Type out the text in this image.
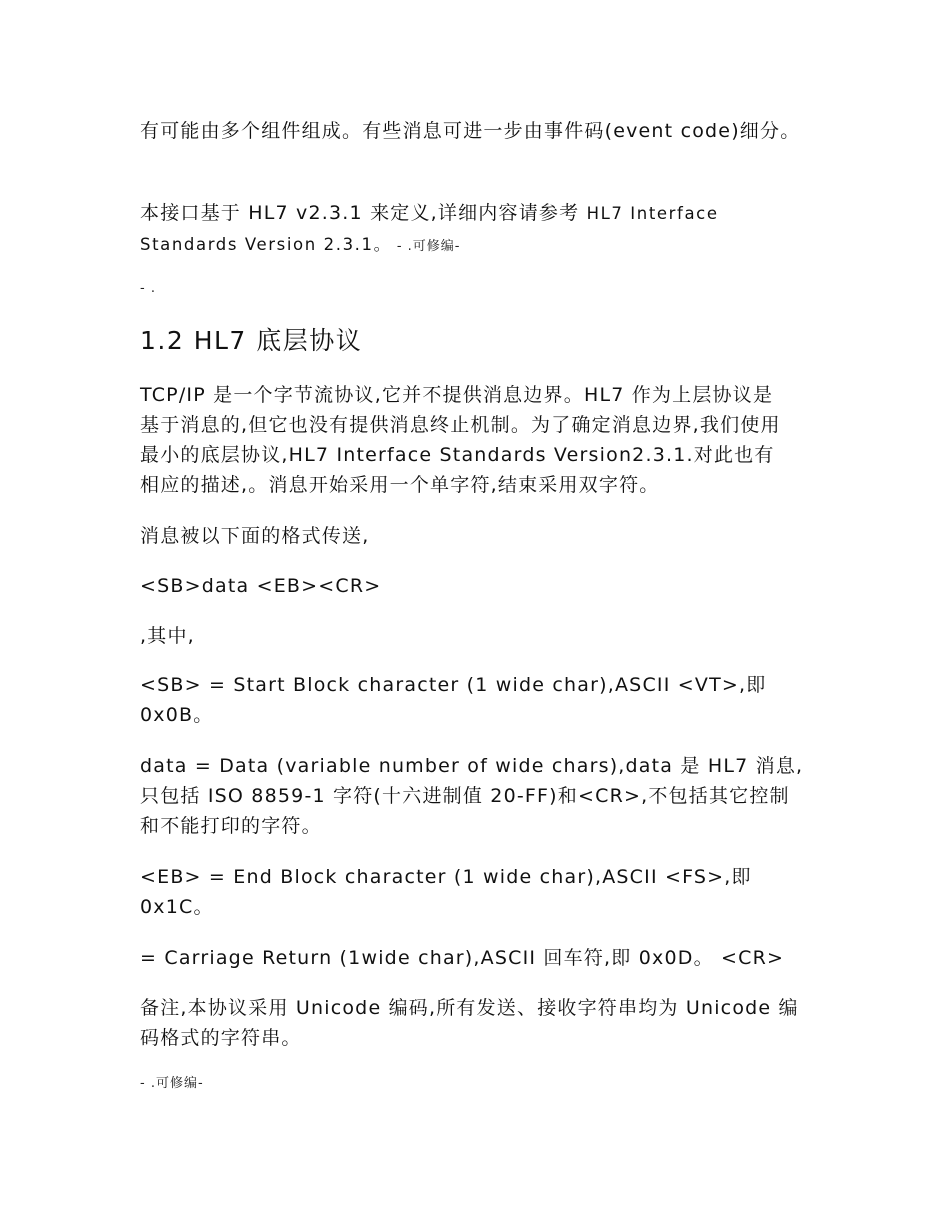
有可能由多个组件组成。有些消息可进一步由事件码(event code)细分。
本接口基于 HL7 v2.3.1 来定义,详细内容请参考 HL7 Interface
Standards Version 2.3.1。 - .可修编-
- .
1.2 HL7 底层协议
TCP/IP 是一个字节流协议,它并不提供消息边界。HL7 作为上层协议是
基于消息的,但它也没有提供消息终止机制。为了确定消息边界,我们使用
最小的底层协议,HL7 Interface Standards Version2.3.1.对此也有
相应的描述,。消息开始采用一个单字符,结束采用双字符。
消息被以下面的格式传送,
<SB>data <EB><CR>
,其中,
<SB> = Start Block character (1 wide char),ASCII <VT>,即
0x0B。
data = Data (variable number of wide chars),data 是 HL7 消息,
只包括 ISO 8859-1 字符(十六进制值 20-FF)和<CR>,不包括其它控制
和不能打印的字符。
<EB> = End Block character (1 wide char),ASCII <FS>,即
0x1C。
= Carriage Return (1wide char),ASCII 回车符,即 0x0D。 <CR>
备注,本协议采用 Unicode 编码,所有发送、接收字符串均为 Unicode 编
码格式的字符串。
- .可修编-
